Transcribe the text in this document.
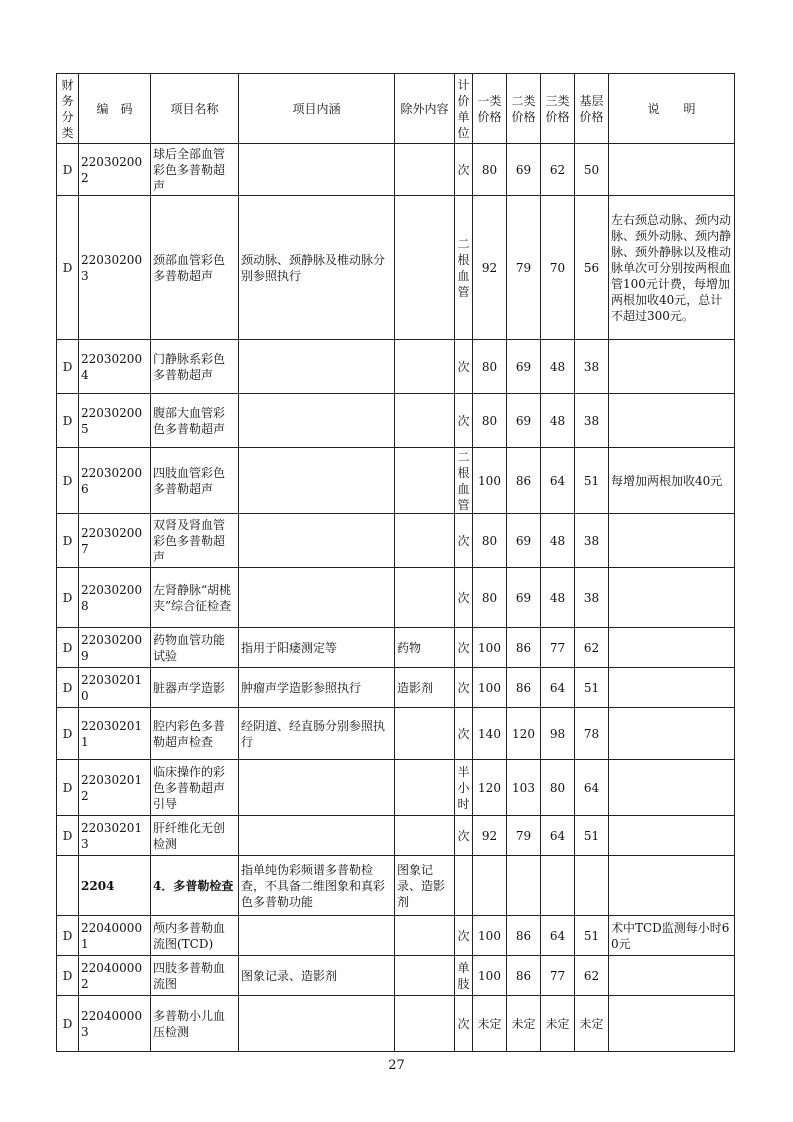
财务分类	编　码	项目名称	项目内涵	除外内容	计价单位	一类价格	二类价格	三类价格	基层价格	说　　明
D	220302002	球后全部血管彩色多普勒超声			次	80	69	62	50	
D	220302003	颈部血管彩色多普勒超声	颈动脉、颈静脉及椎动脉分别参照执行		二根血管	92	79	70	56	左右颈总动脉、颈内动脉、颈外动脉、颈内静脉、颈外静脉以及椎动脉单次可分别按两根血管100元计费，每增加两根加收40元，总计不超过300元。
D	220302004	门静脉系彩色多普勒超声			次	80	69	48	38	
D	220302005	腹部大血管彩色多普勒超声			次	80	69	48	38	
D	220302006	四肢血管彩色多普勒超声			二根血管	100	86	64	51	每增加两根加收40元
D	220302007	双肾及肾血管彩色多普勒超声			次	80	69	48	38	
D	220302008	左肾静脉“胡桃夹”综合征检查			次	80	69	48	38	
D	220302009	药物血管功能试验	指用于阳痿测定等	药物	次	100	86	77	62	
D	220302010	脏器声学造影	肿瘤声学造影参照执行	造影剂	次	100	86	64	51	
D	220302011	腔内彩色多普勒超声检查	经阴道、经直肠分别参照执行		次	140	120	98	78	
D	220302012	临床操作的彩色多普勒超声引导			半小时	120	103	80	64	
D	220302013	肝纤维化无创检测			次	92	79	64	51	
	2204	4．多普勒检查	指单纯伪彩频谱多普勒检查，不具备二维图象和真彩色多普勒功能	图象记录、造影剂						
D	220400001	颅内多普勒血流图(TCD)			次	100	86	64	51	术中TCD监测每小时60元
D	220400002	四肢多普勒血流图	图象记录、造影剂		单肢	100	86	77	62	
D	220400003	多普勒小儿血压检测			次	未定	未定	未定	未定	
27
